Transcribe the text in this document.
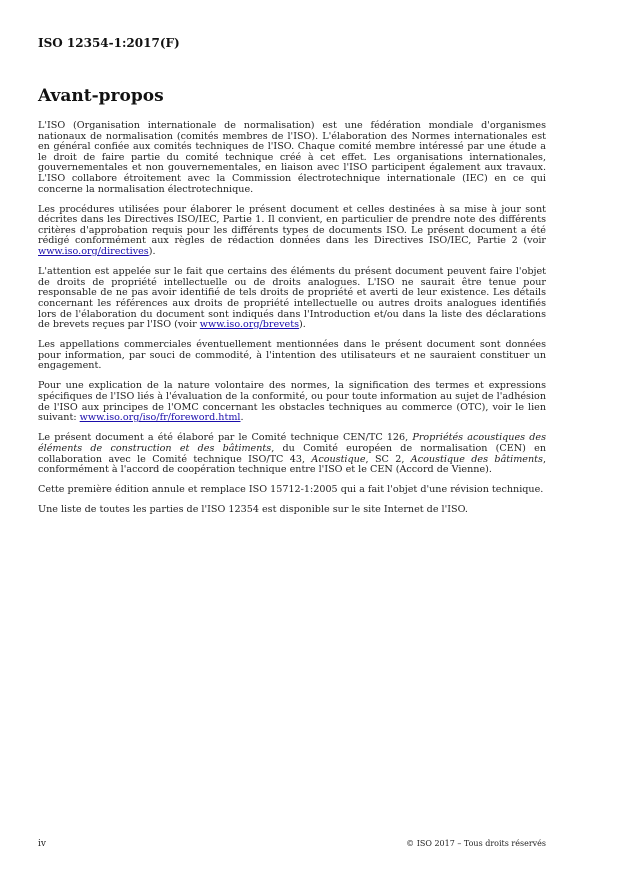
ISO 12354-1:2017(F)
Avant-propos

L'ISO (Organisation internationale de normalisation) est une fédération mondiale d'organismes nationaux de normalisation (comités membres de l'ISO). L'élaboration des Normes internationales est en général confiée aux comités techniques de l'ISO. Chaque comité membre intéressé par une étude a le droit de faire partie du comité technique créé à cet effet. Les organisations internationales, gouvernementales et non gouvernementales, en liaison avec l'ISO participent également aux travaux. L'ISO collabore étroitement avec la Commission électrotechnique internationale (IEC) en ce qui concerne la normalisation électrotechnique.

Les procédures utilisées pour élaborer le présent document et celles destinées à sa mise à jour sont décrites dans les Directives ISO/IEC, Partie 1. Il convient, en particulier de prendre note des différents critères d'approbation requis pour les différents types de documents ISO. Le présent document a été rédigé conformément aux règles de rédaction données dans les Directives ISO/IEC, Partie 2 (voir www.iso.org/directives).

L'attention est appelée sur le fait que certains des éléments du présent document peuvent faire l'objet de droits de propriété intellectuelle ou de droits analogues. L'ISO ne saurait être tenue pour responsable de ne pas avoir identifié de tels droits de propriété et averti de leur existence. Les détails concernant les références aux droits de propriété intellectuelle ou autres droits analogues identifiés lors de l'élaboration du document sont indiqués dans l'Introduction et/ou dans la liste des déclarations de brevets reçues par l'ISO (voir www.iso.org/brevets).

Les appellations commerciales éventuellement mentionnées dans le présent document sont données pour information, par souci de commodité, à l'intention des utilisateurs et ne sauraient constituer un engagement.

Pour une explication de la nature volontaire des normes, la signification des termes et expressions spécifiques de l'ISO liés à l'évaluation de la conformité, ou pour toute information au sujet de l'adhésion de l'ISO aux principes de l'OMC concernant les obstacles techniques au commerce (OTC), voir le lien suivant: www.iso.org/iso/fr/foreword.html.

Le présent document a été élaboré par le Comité technique CEN/TC 126, Propriétés acoustiques des éléments de construction et des bâtiments, du Comité européen de normalisation (CEN) en collaboration avec le Comité technique ISO/TC 43, Acoustique, SC 2, Acoustique des bâtiments, conformément à l'accord de coopération technique entre l'ISO et le CEN (Accord de Vienne).

Cette première édition annule et remplace ISO 15712-1:2005 qui a fait l'objet d'une révision technique.

Une liste de toutes les parties de l'ISO 12354 est disponible sur le site Internet de l'ISO.

iv	© ISO 2017 – Tous droits réservés
